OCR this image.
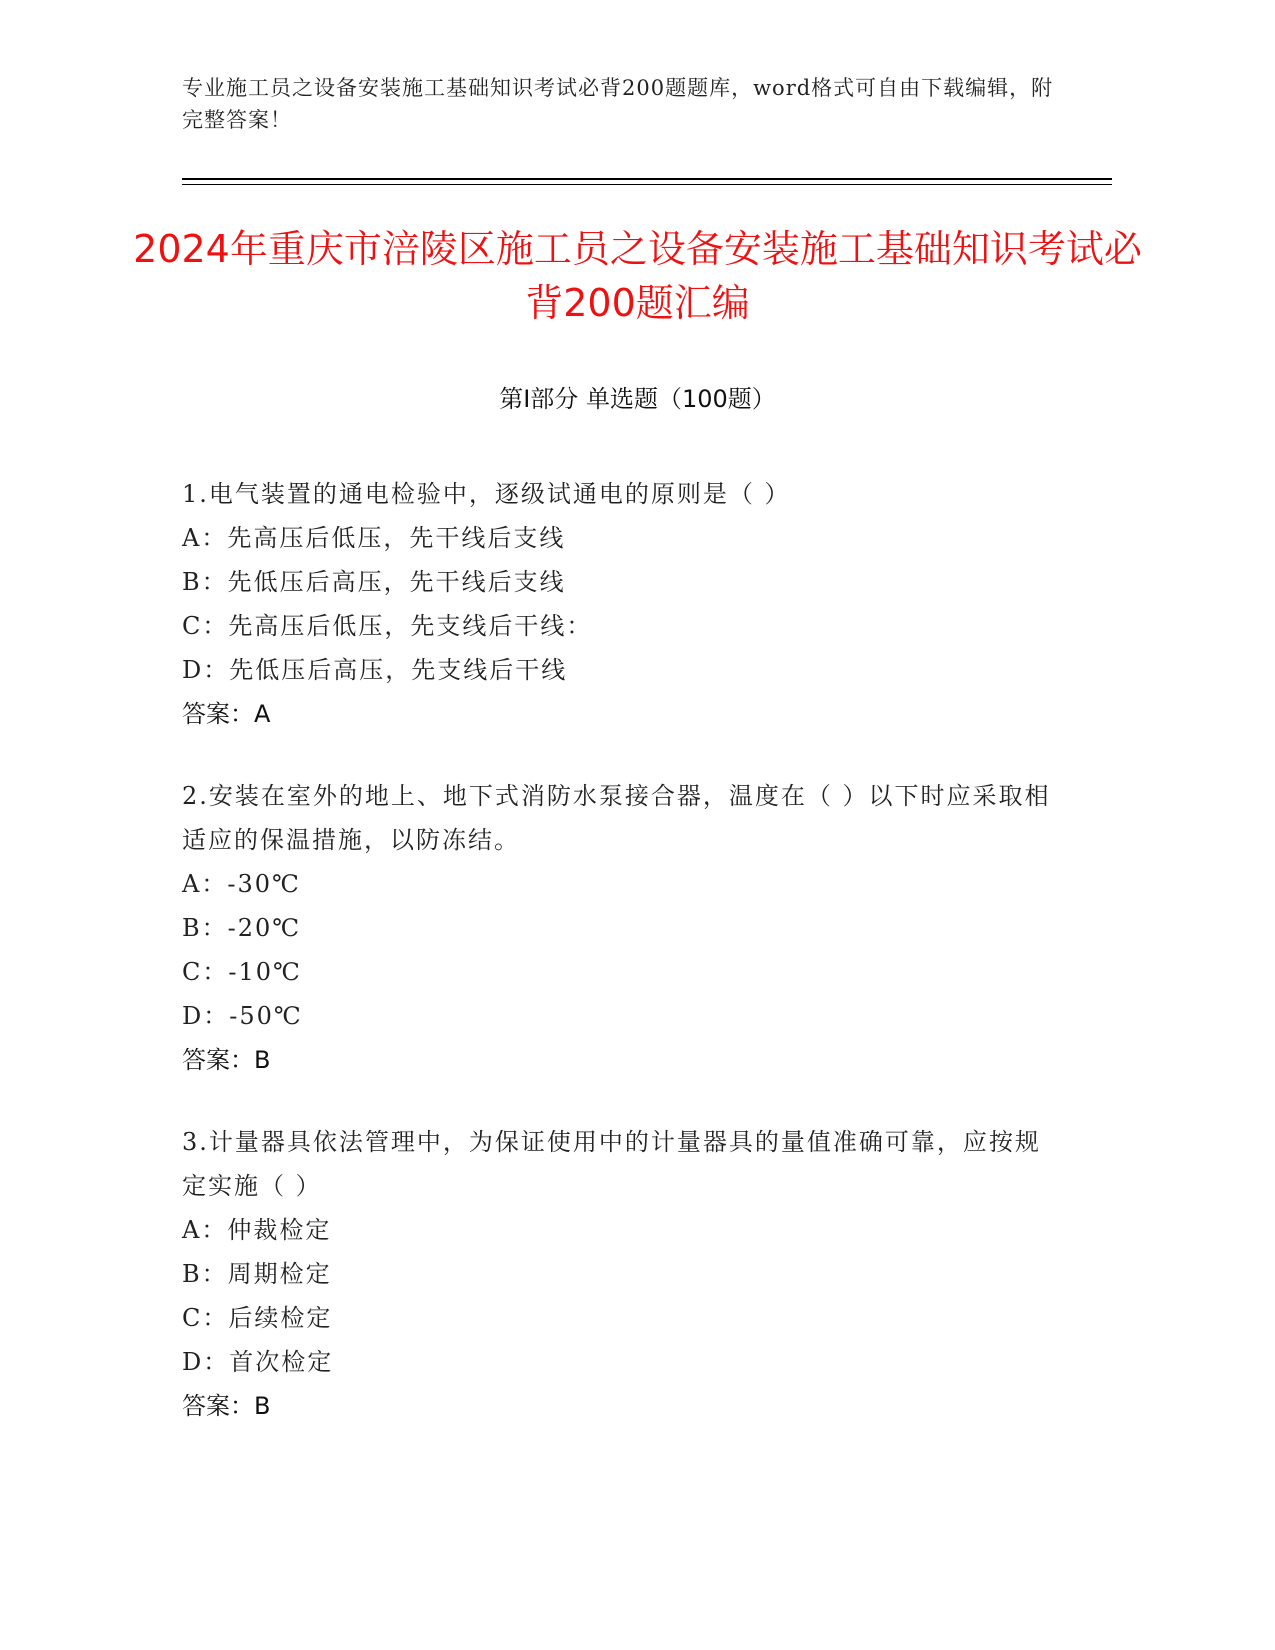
专业施工员之设备安装施工基础知识考试必背200题题库，word格式可自由下载编辑，附完整答案！
2024年重庆市涪陵区施工员之设备安装施工基础知识考试必背200题汇编
第I部分 单选题（100题）
1.电气装置的通电检验中，逐级试通电的原则是（ ）
A：先高压后低压，先干线后支线
B：先低压后高压，先干线后支线
C：先高压后低压，先支线后干线：
D：先低压后高压，先支线后干线
答案：A
2.安装在室外的地上、地下式消防水泵接合器，温度在（ ）以下时应采取相适应的保温措施，以防冻结。
A：-30℃
B：-20℃
C：-10℃
D：-50℃
答案：B
3.计量器具依法管理中，为保证使用中的计量器具的量值准确可靠，应按规定实施（ ）
A：仲裁检定
B：周期检定
C：后续检定
D：首次检定
答案：B
